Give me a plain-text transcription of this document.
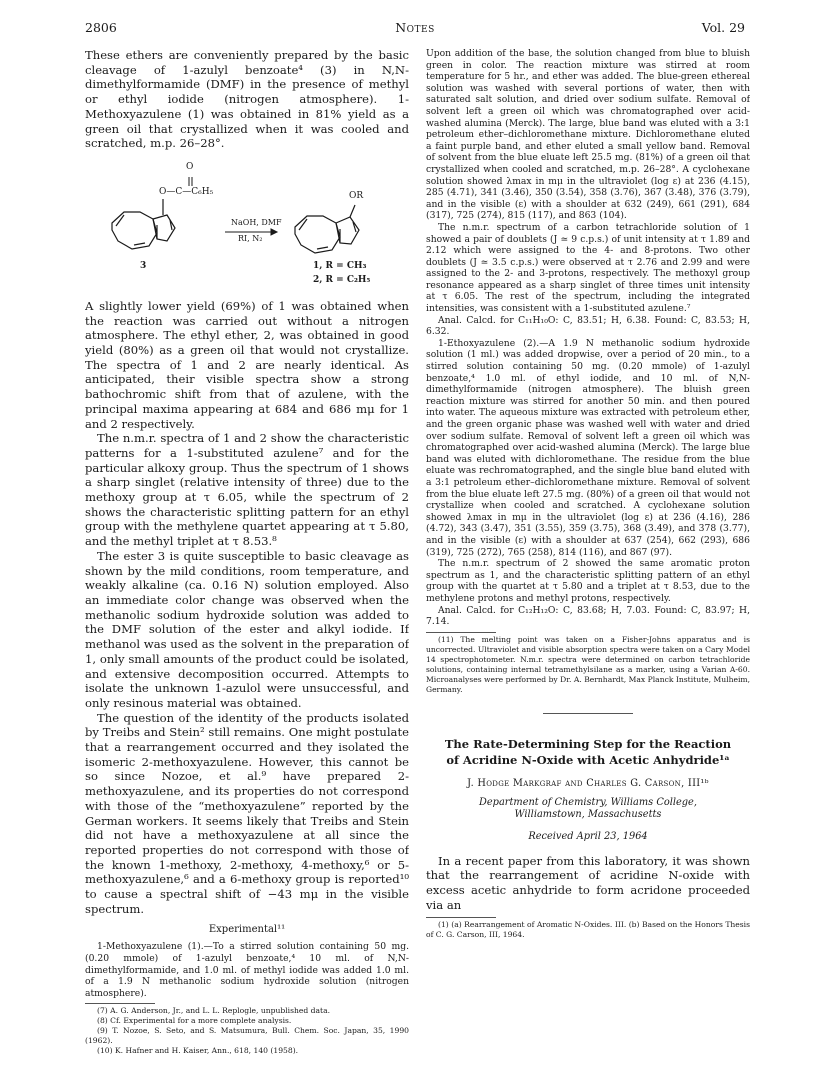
2806	Notes	Vol. 29

These ethers are conveniently prepared by the basic cleavage of 1-azulyl benzoate⁴ (3) in N,N-dimethylformamide (DMF) in the presence of methyl or ethyl iodide (nitrogen atmosphere). 1-Methoxyazulene (1) was obtained in 81% yield as a green oil that crystallized when it was cooled and scratched, m.p. 26–28°.

O
O—C—C₆H₅
NaOH, DMF
RI, N₂
OR
3	1, R = CH₃
2, R = C₂H₅

A slightly lower yield (69%) of 1 was obtained when the reaction was carried out without a nitrogen atmosphere. The ethyl ether, 2, was obtained in good yield (80%) as a green oil that would not crystallize. The spectra of 1 and 2 are nearly identical. As anticipated, their visible spectra show a strong bathochromic shift from that of azulene, with the principal maxima appearing at 684 and 686 mμ for 1 and 2 respectively.

The n.m.r. spectra of 1 and 2 show the characteristic patterns for a 1-substituted azulene⁷ and for the particular alkoxy group. Thus the spectrum of 1 shows a sharp singlet (relative intensity of three) due to the methoxy group at τ 6.05, while the spectrum of 2 shows the characteristic splitting pattern for an ethyl group with the methylene quartet appearing at τ 5.80, and the methyl triplet at τ 8.53.⁸

The ester 3 is quite susceptible to basic cleavage as shown by the mild conditions, room temperature, and weakly alkaline (ca. 0.16 N) solution employed. Also an immediate color change was observed when the methanolic sodium hydroxide solution was added to the DMF solution of the ester and alkyl iodide. If methanol was used as the solvent in the preparation of 1, only small amounts of the product could be isolated, and extensive decomposition occurred. Attempts to isolate the unknown 1-azulol were unsuccessful, and only resinous material was obtained.

The question of the identity of the products isolated by Treibs and Stein² still remains. One might postulate that a rearrangement occurred and they isolated the isomeric 2-methoxyazulene. However, this cannot be so since Nozoe, et al.⁹ have prepared 2-methoxyazulene, and its properties do not correspond with those of the “methoxyazulene” reported by the German workers. It seems likely that Treibs and Stein did not have a methoxyazulene at all since the reported properties do not correspond with those of the known 1-methoxy, 2-methoxy, 4-methoxy,⁶ or 5-methoxyazulene,⁶ and a 6-methoxy group is reported¹⁰ to cause a spectral shift of −43 mμ in the visible spectrum.

Experimental¹¹

1-Methoxyazulene (1).—To a stirred solution containing 50 mg. (0.20 mmole) of 1-azulyl benzoate,⁴ 10 ml. of N,N-dimethylformamide, and 1.0 ml. of methyl iodide was added 1.0 ml. of a 1.9 N methanolic sodium hydroxide solution (nitrogen atmosphere).

(7) A. G. Anderson, Jr., and L. L. Replogle, unpublished data.

(8) Cf. Experimental for a more complete analysis.

(9) T. Nozoe, S. Seto, and S. Matsumura, Bull. Chem. Soc. Japan, 35, 1990 (1962).

(10) K. Hafner and H. Kaiser, Ann., 618, 140 (1958).

Upon addition of the base, the solution changed from blue to bluish green in color. The reaction mixture was stirred at room temperature for 5 hr., and ether was added. The blue-green ethereal solution was washed with several portions of water, then with saturated salt solution, and dried over sodium sulfate. Removal of solvent left a green oil which was chromatographed over acid-washed alumina (Merck). The large, blue band was eluted with a 3:1 petroleum ether–dichloromethane mixture. Dichloromethane eluted a faint purple band, and ether eluted a small yellow band. Removal of solvent from the blue eluate left 25.5 mg. (81%) of a green oil that crystallized when cooled and scratched, m.p. 26–28°. A cyclohexane solution showed λmax in mμ in the ultraviolet (log ε) at 236 (4.15), 285 (4.71), 341 (3.46), 350 (3.54), 358 (3.76), 367 (3.48), 376 (3.79), and in the visible (ε) with a shoulder at 632 (249), 661 (291), 684 (317), 725 (274), 815 (117), and 863 (104).

The n.m.r. spectrum of a carbon tetrachloride solution of 1 showed a pair of doublets (J ≃ 9 c.p.s.) of unit intensity at τ 1.89 and 2.12 which were assigned to the 4- and 8-protons. Two other doublets (J ≃ 3.5 c.p.s.) were observed at τ 2.76 and 2.99 and were assigned to the 2- and 3-protons, respectively. The methoxyl group resonance appeared as a sharp singlet of three times unit intensity at τ 6.05. The rest of the spectrum, including the integrated intensities, was consistent with a 1-substituted azulene.⁷

Anal. Calcd. for C₁₁H₁₀O: C, 83.51; H, 6.38. Found: C, 83.53; H, 6.32.

1-Ethoxyazulene (2).—A 1.9 N methanolic sodium hydroxide solution (1 ml.) was added dropwise, over a period of 20 min., to a stirred solution containing 50 mg. (0.20 mmole) of 1-azulyl benzoate,⁴ 1.0 ml. of ethyl iodide, and 10 ml. of N,N-dimethylformamide (nitrogen atmosphere). The bluish green reaction mixture was stirred for another 50 min. and then poured into water. The aqueous mixture was extracted with petroleum ether, and the green organic phase was washed well with water and dried over sodium sulfate. Removal of solvent left a green oil which was chromatographed over acid-washed alumina (Merck). The large blue band was eluted with dichloromethane. The residue from the blue eluate was rechromatographed, and the single blue band eluted with a 3:1 petroleum ether–dichloromethane mixture. Removal of solvent from the blue eluate left 27.5 mg. (80%) of a green oil that would not crystallize when cooled and scratched. A cyclohexane solution showed λmax in mμ in the ultraviolet (log ε) at 236 (4.16), 286 (4.72), 343 (3.47), 351 (3.55), 359 (3.75), 368 (3.49), and 378 (3.77), and in the visible (ε) with a shoulder at 637 (254), 662 (293), 686 (319), 725 (272), 765 (258), 814 (116), and 867 (97).

The n.m.r. spectrum of 2 showed the same aromatic proton spectrum as 1, and the characteristic splitting pattern of an ethyl group with the quartet at τ 5.80 and a triplet at τ 8.53, due to the methylene protons and methyl protons, respectively.

Anal. Calcd. for C₁₂H₁₂O: C, 83.68; H, 7.03. Found: C, 83.97; H, 7.14.

(11) The melting point was taken on a Fisher-Johns apparatus and is uncorrected. Ultraviolet and visible absorption spectra were taken on a Cary Model 14 spectrophotometer. N.m.r. spectra were determined on carbon tetrachloride solutions, containing internal tetramethylsilane as a marker, using a Varian A-60. Microanalyses were performed by Dr. A. Bernhardt, Max Planck Institute, Mulheim, Germany.

The Rate-Determining Step for the Reaction

of Acridine N-Oxide with Acetic Anhydride¹ᵃ

J. Hodge Markgraf and Charles G. Carson, III¹ᵇ
Department of Chemistry, Williams College,
Williamstown, Massachusetts
Received April 23, 1964

In a recent paper from this laboratory, it was shown that the rearrangement of acridine N-oxide with excess acetic anhydride to form acridone proceeded via an

(1) (a) Rearrangement of Aromatic N-Oxides. III. (b) Based on the Honors Thesis of C. G. Carson, III, 1964.
